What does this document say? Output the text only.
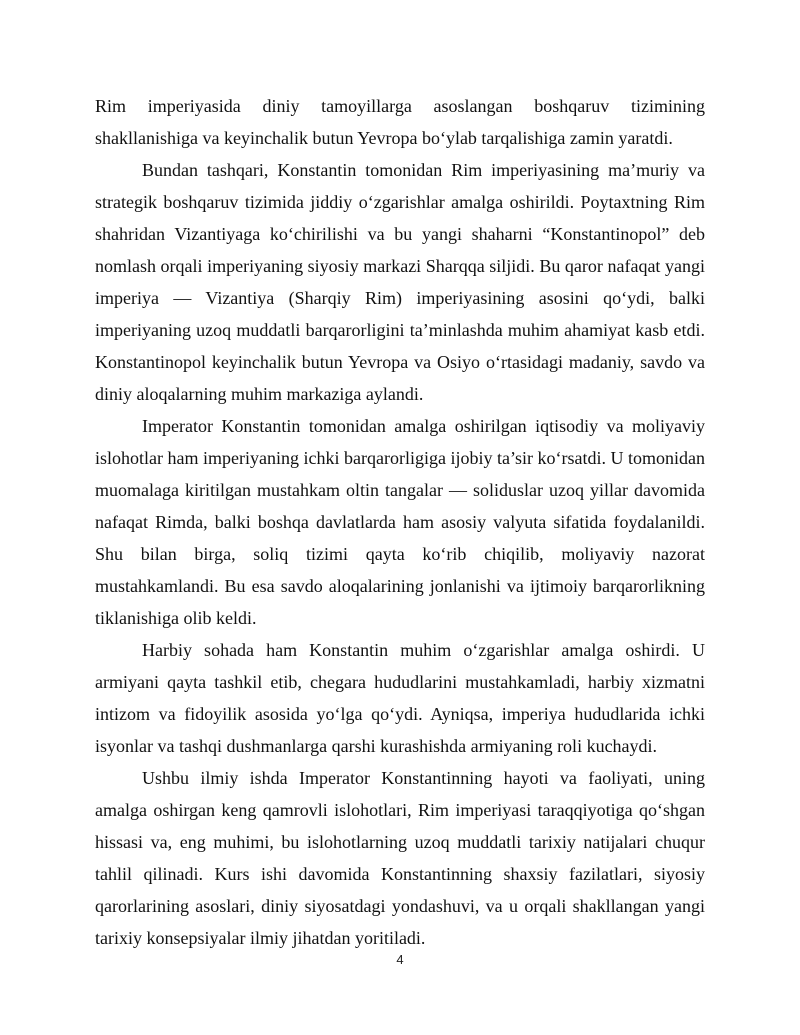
Rim imperiyasida diniy tamoyillarga asoslangan boshqaruv tizimining shakllanishiga va keyinchalik butun Yevropa bo‘ylab tarqalishiga zamin yaratdi.

Bundan tashqari, Konstantin tomonidan Rim imperiyasining ma’muriy va strategik boshqaruv tizimida jiddiy o‘zgarishlar amalga oshirildi. Poytaxtning Rim shahridan Vizantiyaga ko‘chirilishi va bu yangi shaharni “Konstantinopol” deb nomlash orqali imperiyaning siyosiy markazi Sharqqa siljidi. Bu qaror nafaqat yangi imperiya — Vizantiya (Sharqiy Rim) imperiyasining asosini qo‘ydi, balki imperiyaning uzoq muddatli barqarorligini ta’minlashda muhim ahamiyat kasb etdi. Konstantinopol keyinchalik butun Yevropa va Osiyo o‘rtasidagi madaniy, savdo va diniy aloqalarning muhim markaziga aylandi.

Imperator Konstantin tomonidan amalga oshirilgan iqtisodiy va moliyaviy islohotlar ham imperiyaning ichki barqarorligiga ijobiy ta’sir ko‘rsatdi. U tomonidan muomalaga kiritilgan mustahkam oltin tangalar — soliduslar uzoq yillar davomida nafaqat Rimda, balki boshqa davlatlarda ham asosiy valyuta sifatida foydalanildi. Shu bilan birga, soliq tizimi qayta ko‘rib chiqilib, moliyaviy nazorat mustahkamlandi. Bu esa savdo aloqalarining jonlanishi va ijtimoiy barqarorlikning tiklanishiga olib keldi.

Harbiy sohada ham Konstantin muhim o‘zgarishlar amalga oshirdi. U armiyani qayta tashkil etib, chegara hududlarini mustahkamladi, harbiy xizmatni intizom va fidoyilik asosida yo‘lga qo‘ydi. Ayniqsa, imperiya hududlarida ichki isyonlar va tashqi dushmanlarga qarshi kurashishda armiyaning roli kuchaydi.

Ushbu ilmiy ishda Imperator Konstantinning hayoti va faoliyati, uning amalga oshirgan keng qamrovli islohotlari, Rim imperiyasi taraqqiyotiga qo‘shgan hissasi va, eng muhimi, bu islohotlarning uzoq muddatli tarixiy natijalari chuqur tahlil qilinadi. Kurs ishi davomida Konstantinning shaxsiy fazilatlari, siyosiy qarorlarining asoslari, diniy siyosatdagi yondashuvi, va u orqali shakllangan yangi tarixiy konsepsiyalar ilmiy jihatdan yoritiladi.

4
